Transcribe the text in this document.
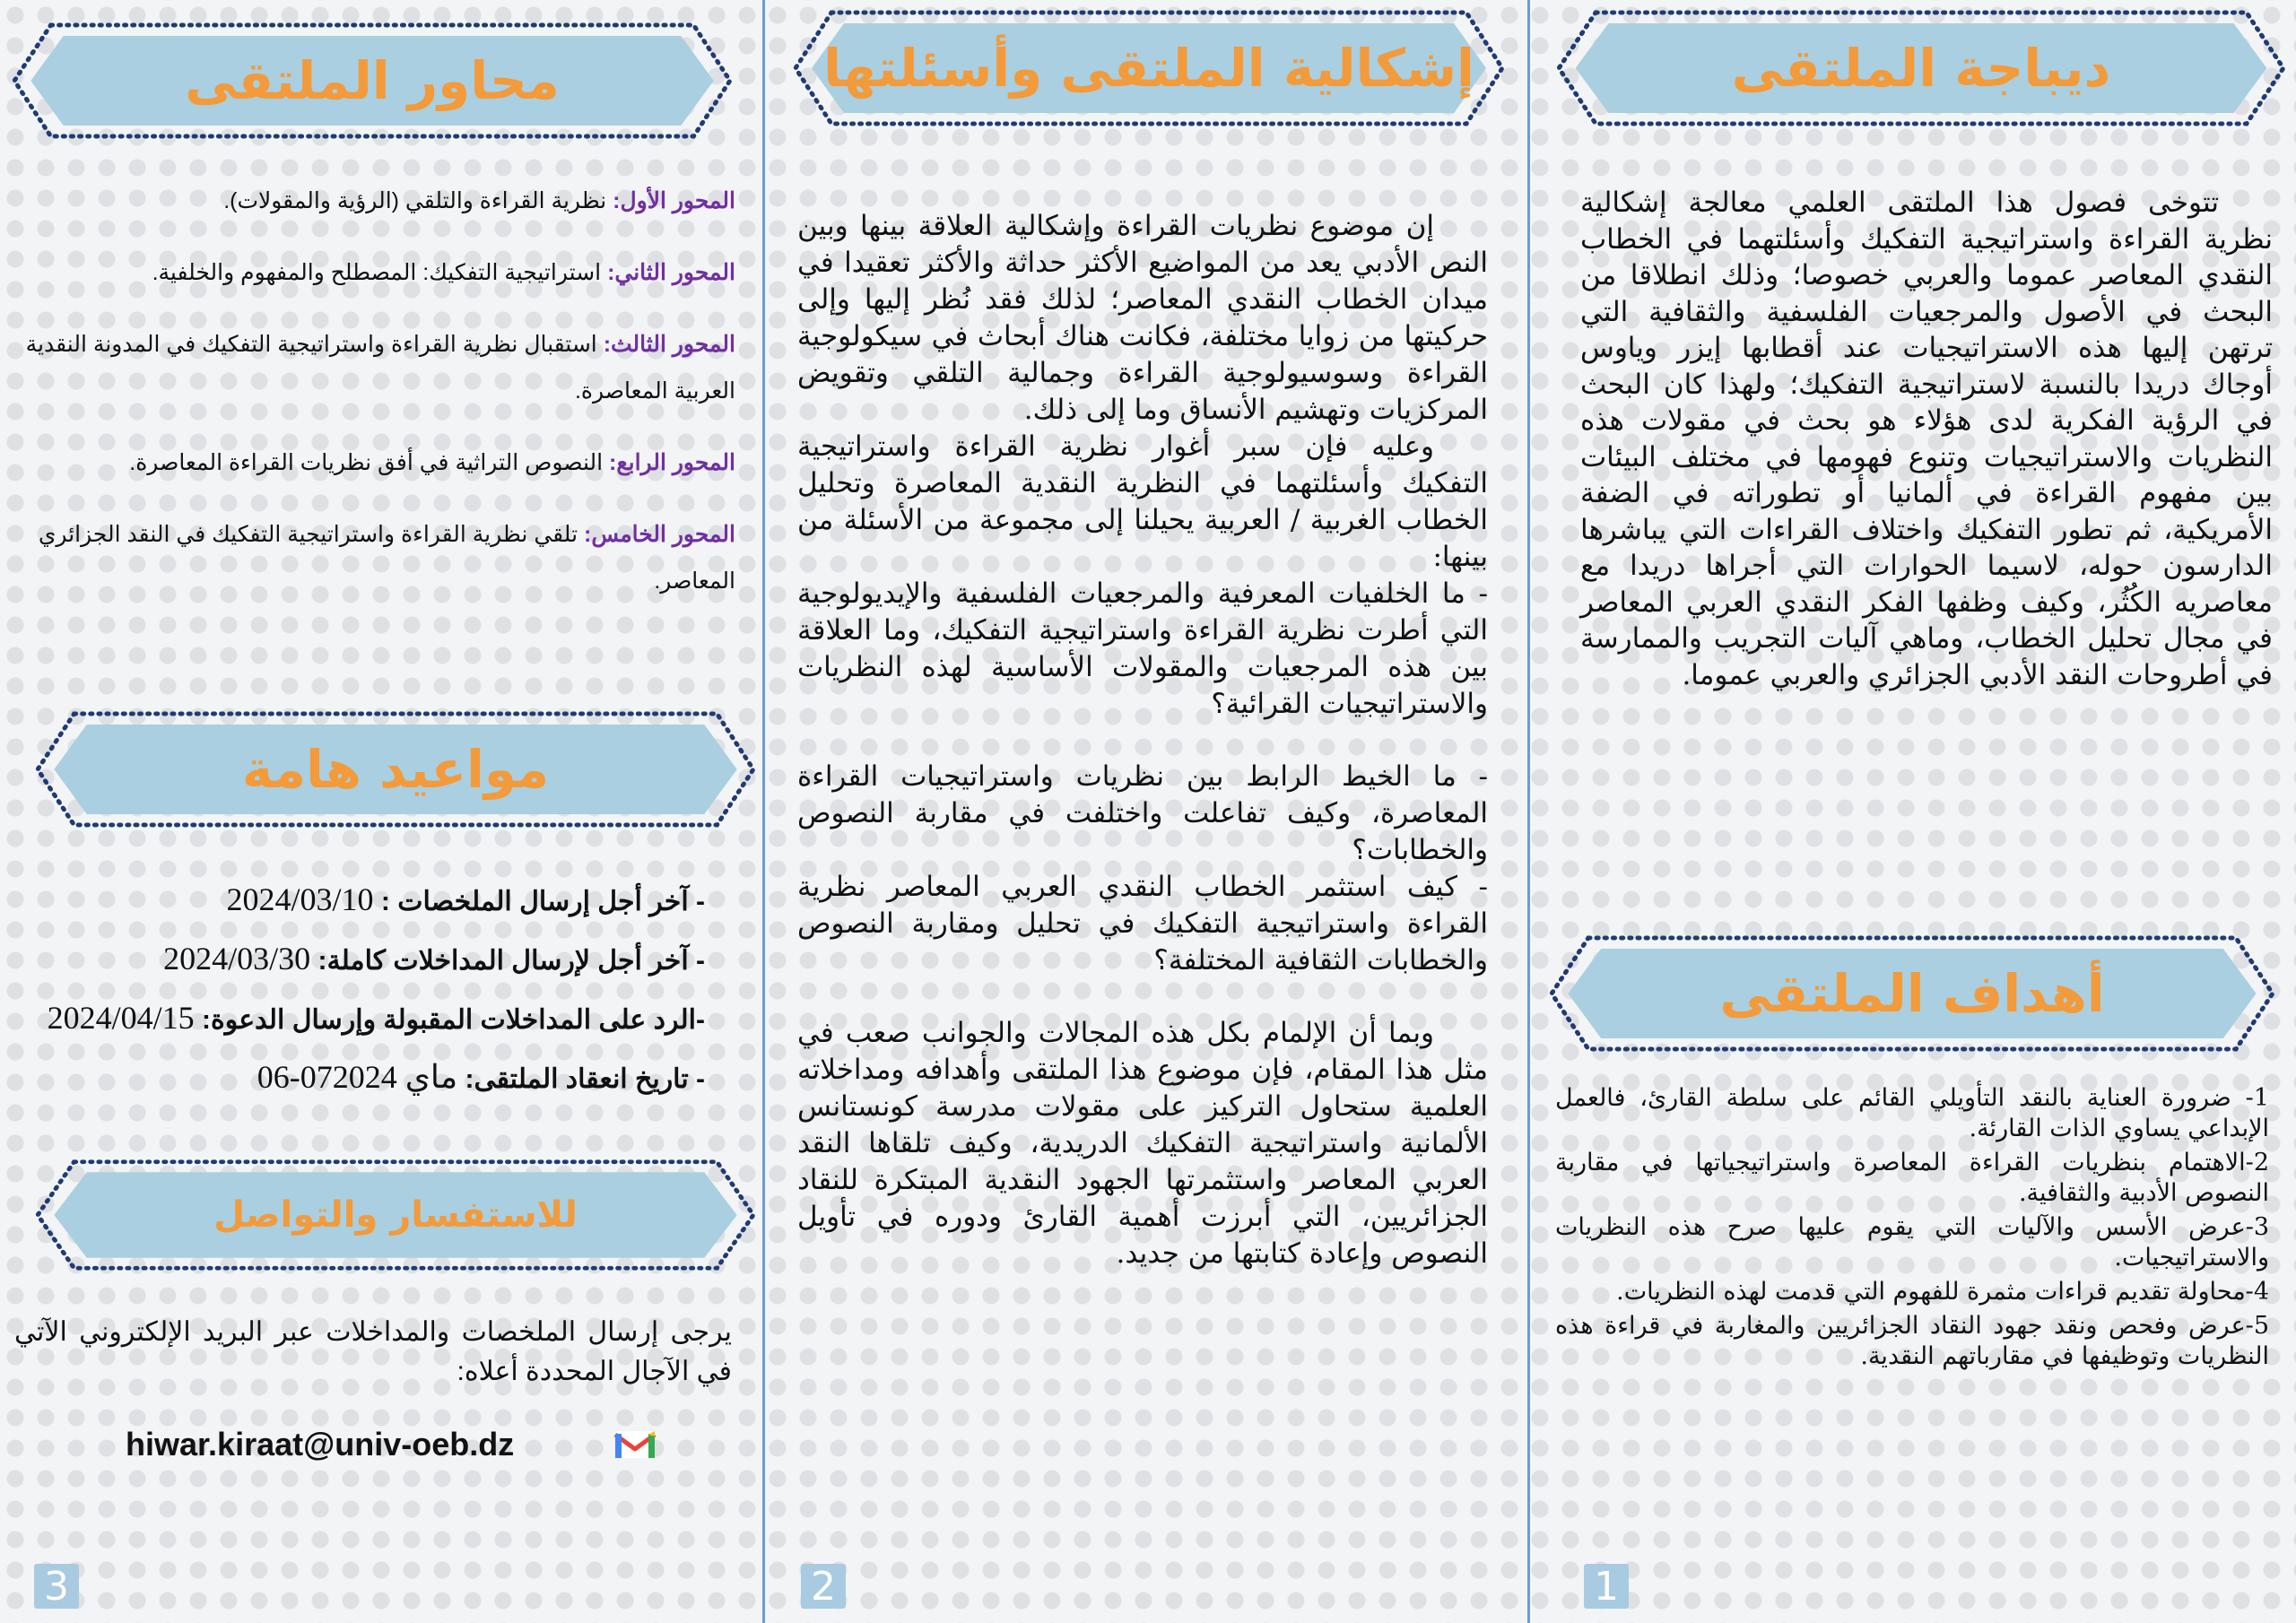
ديباجة الملتقى

تتوخى فصول هذا الملتقى العلمي معالجة إشكالية نظرية القراءة واستراتيجية التفكيك وأسئلتهما في الخطاب النقدي المعاصر عموما والعربي خصوصا؛ وذلك انطلاقا من البحث في الأصول والمرجعيات الفلسفية والثقافية التي ترتهن إليها هذه الاستراتيجيات عند أقطابها إيزر وياوس أوجاك دريدا بالنسبة لاستراتيجية التفكيك؛ ولهذا كان البحث في الرؤية الفكرية لدى هؤلاء هو بحث في مقولات هذه النظريات والاستراتيجيات وتنوع فهومها في مختلف البيئات بين مفهوم القراءة في ألمانيا أو تطوراته في الضفة الأمريكية، ثم تطور التفكيك واختلاف القراءات التي يباشرها الدارسون حوله، لاسيما الحوارات التي أجراها دريدا مع معاصريه الكُثُر، وكيف وظفها الفكر النقدي العربي المعاصر في مجال تحليل الخطاب، وماهي آليات التجريب والممارسة في أطروحات النقد الأدبي الجزائري والعربي عموما.

أهداف الملتقى

1- ضرورة العناية بالنقد التأويلي القائم على سلطة القارئ، فالعمل الإبداعي يساوي الذات القارئة.

2-الاهتمام بنظريات القراءة المعاصرة واستراتيجياتها في مقاربة النصوص الأدبية والثقافية.

3-عرض الأسس والآليات التي يقوم عليها صرح هذه النظريات والاستراتيجيات.

4-محاولة تقديم قراءات مثمرة للفهوم التي قدمت لهذه النظريات.

5-عرض وفحص ونقد جهود النقاد الجزائريين والمغاربة في قراءة هذه النظريات وتوظيفها في مقارباتهم النقدية.

1
إشكالية الملتقى وأسئلتها

إن موضوع نظريات القراءة وإشكالية العلاقة بينها وبين النص الأدبي يعد من المواضيع الأكثر حداثة والأكثر تعقيدا في ميدان الخطاب النقدي المعاصر؛ لذلك فقد نُظر إليها وإلى حركيتها من زوايا مختلفة، فكانت هناك أبحاث في سيكولوجية القراءة وسوسيولوجية القراءة وجمالية التلقي وتقويض المركزيات وتهشيم الأنساق وما إلى ذلك.

وعليه فإن سبر أغوار نظرية القراءة واستراتيجية التفكيك وأسئلتهما في النظرية النقدية المعاصرة وتحليل الخطاب الغربية / العربية يحيلنا إلى مجموعة من الأسئلة من بينها:

- ما الخلفيات المعرفية والمرجعيات الفلسفية والإيديولوجية التي أطرت نظرية القراءة واستراتيجية التفكيك، وما العلاقة بين هذه المرجعيات والمقولات الأساسية لهذه النظريات والاستراتيجيات القرائية؟

- ما الخيط الرابط بين نظريات واستراتيجيات القراءة المعاصرة، وكيف تفاعلت واختلفت في مقاربة النصوص والخطابات؟

- كيف استثمر الخطاب النقدي العربي المعاصر نظرية القراءة واستراتيجية التفكيك في تحليل ومقاربة النصوص والخطابات الثقافية المختلفة؟

وبما أن الإلمام بكل هذه المجالات والجوانب صعب في مثل هذا المقام، فإن موضوع هذا الملتقى وأهدافه ومداخلاته العلمية ستحاول التركيز على مقولات مدرسة كونستانس الألمانية واستراتيجية التفكيك الدريدية، وكيف تلقاها النقد العربي المعاصر واستثمرتها الجهود النقدية المبتكرة للنقاد الجزائريين، التي أبرزت أهمية القارئ ودوره في تأويل النصوص وإعادة كتابتها من جديد.

2
محاور الملتقى

المحور الأول: نظرية القراءة والتلقي (الرؤية والمقولات).

المحور الثاني: استراتيجية التفكيك: المصطلح والمفهوم والخلفية.

المحور الثالث: استقبال نظرية القراءة واستراتيجية التفكيك في المدونة النقدية العربية المعاصرة.

المحور الرابع: النصوص التراثية في أفق نظريات القراءة المعاصرة.

المحور الخامس: تلقي نظرية القراءة واستراتيجية التفكيك في النقد الجزائري المعاصر.

مواعيد هامة
- آخر أجل إرسال الملخصات : 2024/03/10
- آخر أجل لإرسال المداخلات كاملة: 2024/03/30
-الرد على المداخلات المقبولة وإرسال الدعوة: 2024/04/15
- تاريخ انعقاد الملتقى: 06-07ماي 2024
للاستفسار والتواصل
يرجى إرسال الملخصات والمداخلات عبر البريد الإلكتروني الآتي في الآجال المحددة أعلاه:
hiwar.kiraat@univ-oeb.dz
3
